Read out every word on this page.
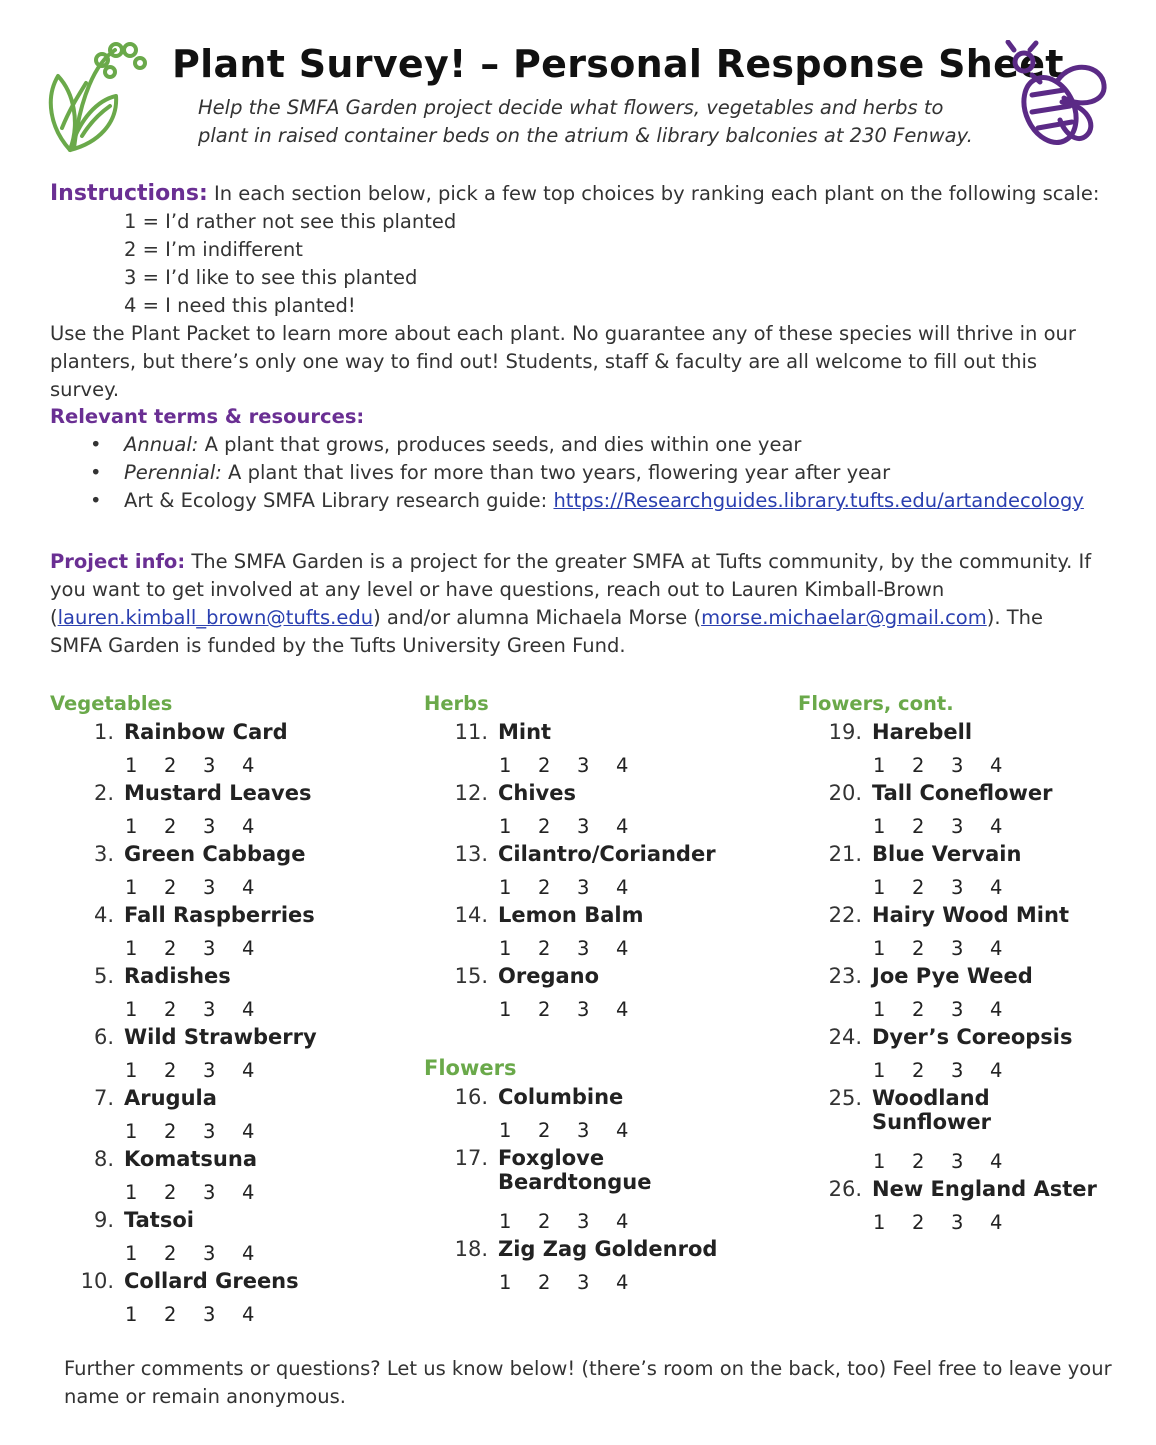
Plant Survey! – Personal Response Sheet
Help the SMFA Garden project decide what flowers, vegetables and herbs to
plant in raised container beds on the atrium & library balconies at 230 Fenway.
Instructions: In each section below, pick a few top choices by ranking each plant on the following scale:
1 = I’d rather not see this planted
2 = I’m indifferent
3 = I’d like to see this planted
4 = I need this planted!
Use the Plant Packet to learn more about each plant. No guarantee any of these species will thrive in our
planters, but there’s only one way to find out! Students, staff & faculty are all welcome to fill out this survey.
Relevant terms & resources:
• Annual: A plant that grows, produces seeds, and dies within one year
• Perennial: A plant that lives for more than two years, flowering year after year
• Art & Ecology SMFA Library research guide: https://Researchguides.library.tufts.edu/artandecology
Project info: The SMFA Garden is a project for the greater SMFA at Tufts community, by the community. If
you want to get involved at any level or have questions, reach out to Lauren Kimball-Brown
(lauren.kimball_brown@tufts.edu) and/or alumna Michaela Morse (morse.michaelar@gmail.com). The
SMFA Garden is funded by the Tufts University Green Fund.
Vegetables	Herbs
Flowers
Flowers, cont.
1. Rainbow Card
1 2 3 4
2. Mustard Leaves
1 2 3 4
3. Green Cabbage
1 2 3 4
4. Fall Raspberries
1 2 3 4
5. Radishes
1 2 3 4
6. Wild Strawberry
1 2 3 4
7. Arugula
1 2 3 4
8. Komatsuna
1 2 3 4
9. Tatsoi
1 2 3 4
10. Collard Greens
1 2 3 4
11. Mint
1 2 3 4
12. Chives
1 2 3 4
13. Cilantro/Coriander
1 2 3 4
14. Lemon Balm
1 2 3 4
15. Oregano
1 2 3 4
16. Columbine
1 2 3 4
17. Foxglove
Beardtongue
1 2 3 4
18. Zig Zag Goldenrod
1 2 3 4
19. Harebell
1 2 3 4
20. Tall Coneflower
1 2 3 4
21. Blue Vervain
1 2 3 4
22. Hairy Wood Mint
1 2 3 4
23. Joe Pye Weed
1 2 3 4
24. Dyer’s Coreopsis
1 2 3 4
25. Woodland
Sunflower
1 2 3 4
26. New England Aster
1 2 3 4
Further comments or questions? Let us know below! (there’s room on the back, too) Feel free to leave your
name or remain anonymous.
